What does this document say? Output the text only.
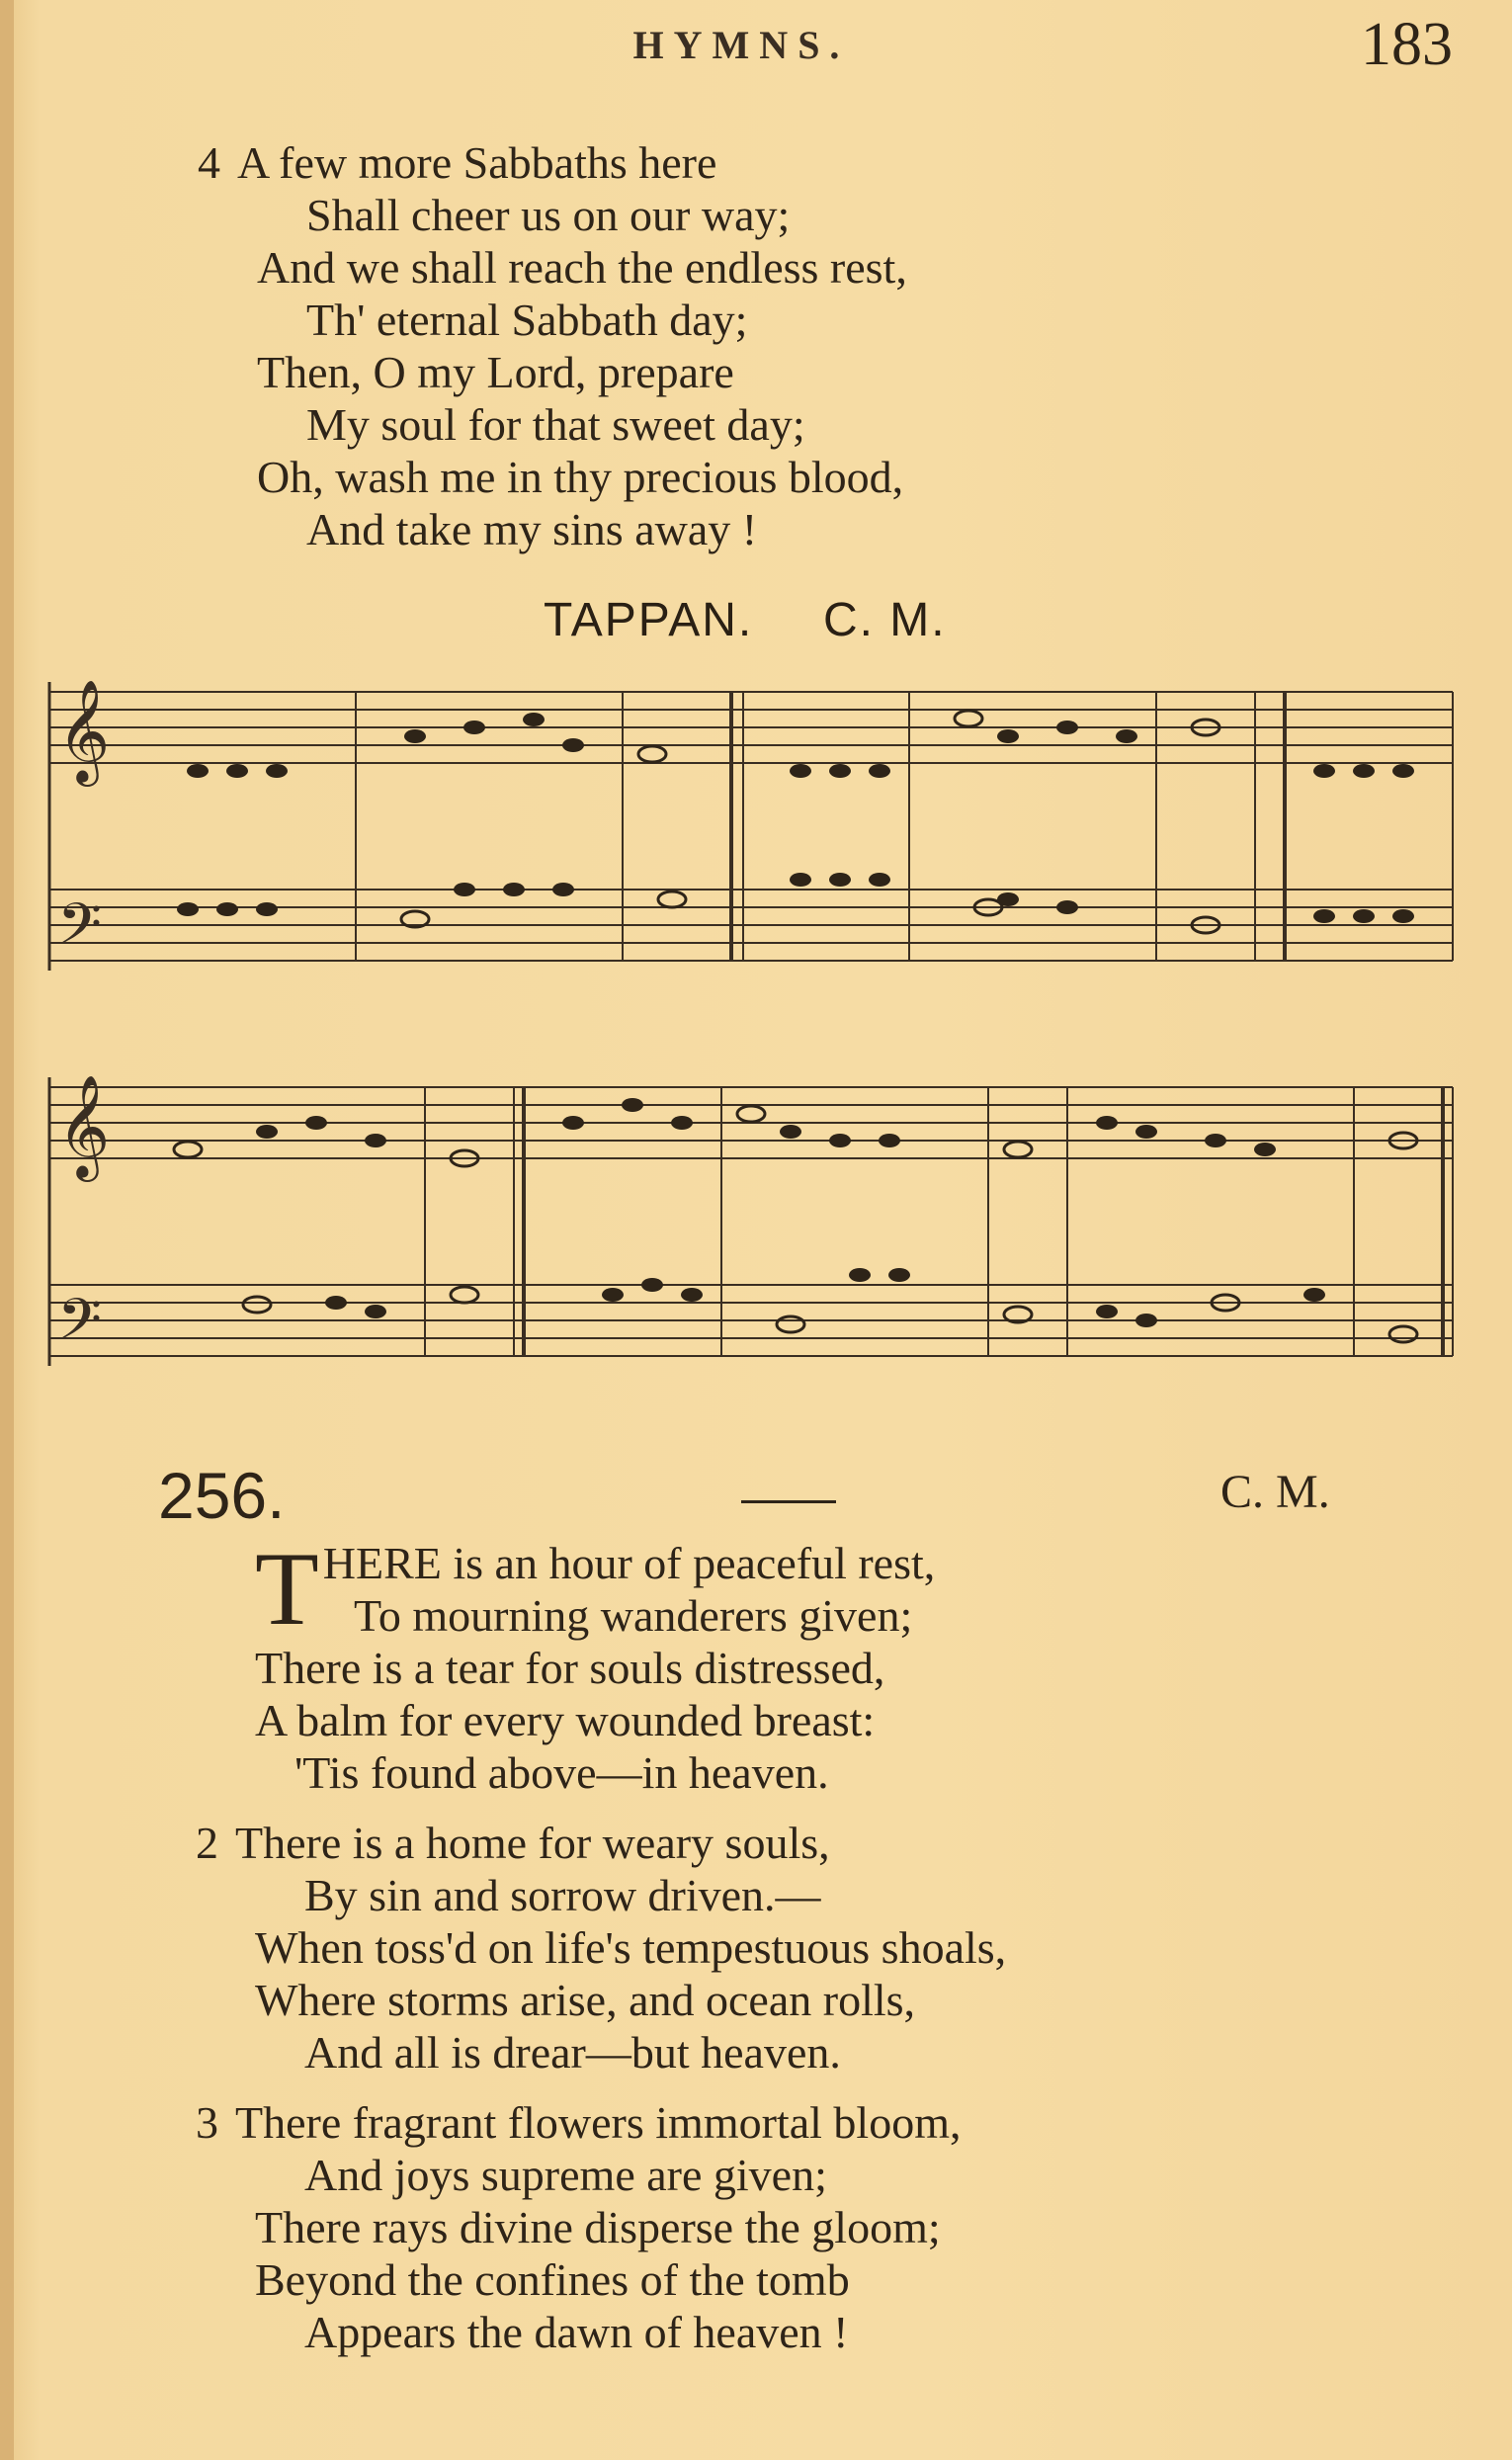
HYMNS.	183
4 A few more Sabbaths here
Shall cheer us on our way;
And we shall reach the endless rest,
Th' eternal Sabbath day;
Then, O my Lord, prepare
My soul for that sweet day;
Oh, wash me in thy precious blood,
And take my sins away !
TAPPAN. C. M.
𝄞
𝄢
𝄞
𝄢
256.	C. M.
T HERE is an hour of peaceful rest,
To mourning wanderers given;
There is a tear for souls distressed,
A balm for every wounded breast:
'Tis found above—in heaven.
2 There is a home for weary souls,
By sin and sorrow driven.—
When toss'd on life's tempestuous shoals,
Where storms arise, and ocean rolls,
And all is drear—but heaven.
3 There fragrant flowers immortal bloom,
And joys supreme are given;
There rays divine disperse the gloom;
Beyond the confines of the tomb
Appears the dawn of heaven !
